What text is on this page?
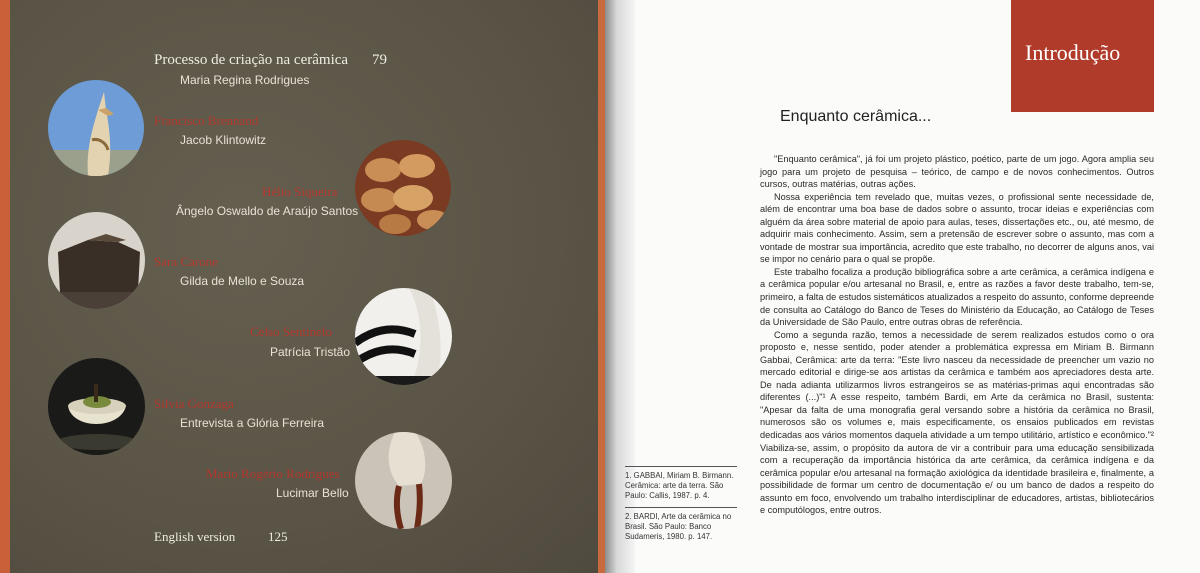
Processo de criação na cerâmica 79
Maria Regina Rodrigues
Francisco Brennand
Jacob Klintowitz
Hélio Siqueira
Ângelo Oswaldo de Araújo Santos
Sara Carone
Gilda de Mello e Souza
Celso Sentinelo
Patrícia Tristão
Silvia Gonzaga
Entrevista a Glória Ferreira
Mario Rogério Rodrigues
Lucimar Bello
English version	125
Introdução
Enquanto cerâmica...

"Enquanto cerâmica", já foi um projeto plástico, poético, parte de um jogo. Agora amplia seu jogo para um projeto de pesquisa – teórico, de campo e de novos conhecimentos. Outros cursos, outras matérias, outras ações.

Nossa experiência tem revelado que, muitas vezes, o profissional sente necessidade de, além de encontrar uma boa base de dados sobre o assunto, trocar ideias e experiências com alguém da área sobre material de apoio para aulas, teses, dissertações etc., ou, até mesmo, de adquirir mais conhecimento. Assim, sem a pretensão de escrever sobre o assunto, mas com a vontade de mostrar sua importância, acredito que este trabalho, no decorrer de alguns anos, vai se impor no cenário para o qual se propõe.

Este trabalho focaliza a produção bibliográfica sobre a arte cerâmica, a cerâmica indígena e a cerâmica popular e/ou artesanal no Brasil, e, entre as razões a favor deste trabalho, tem-se, primeiro, a falta de estudos sistemáticos atualizados a respeito do assunto, conforme depreende de consulta ao Catálogo do Banco de Teses do Ministério da Educação, ao Catálogo de Teses da Universidade de São Paulo, entre outras obras de referência.

Como a segunda razão, temos a necessidade de serem realizados estudos como o ora proposto e, nesse sentido, poder atender a problemática expressa em Miriam B. Birmann Gabbai, Cerâmica: arte da terra: "Este livro nasceu da necessidade de preencher um vazio no mercado editorial e dirige-se aos artistas da cerâmica e também aos apreciadores desta arte. De nada adianta utilizarmos livros estrangeiros se as matérias-primas aqui encontradas são diferentes (...)"¹ A esse respeito, também Bardi, em Arte da cerâmica no Brasil, sustenta: "Apesar da falta de uma monografia geral versando sobre a história da cerâmica no Brasil, numerosos são os volumes e, mais especificamente, os ensaios publicados em revistas dedicadas aos vários momentos daquela atividade a um tempo utilitário, artístico e econômico."² Viabiliza-se, assim, o propósito da autora de vir a contribuir para uma educação sensibilizada com a recuperação da importância histórica da arte cerâmica, da cerâmica indígena e da cerâmica popular e/ou artesanal na formação axiológica da identidade brasileira e, finalmente, a possibilidade de formar um centro de documentação e/ ou um banco de dados a respeito do assunto em foco, envolvendo um trabalho interdisciplinar de educadores, artistas, bibliotecários e computólogos, entre outros.

1. GABBAI, Miriam B. Birmann. Cerâmica: arte da terra. São Paulo: Callis, 1987. p. 4.
2. BARDI, Arte da cerâmica no Brasil. São Paulo: Banco Sudameris, 1980. p. 147.
